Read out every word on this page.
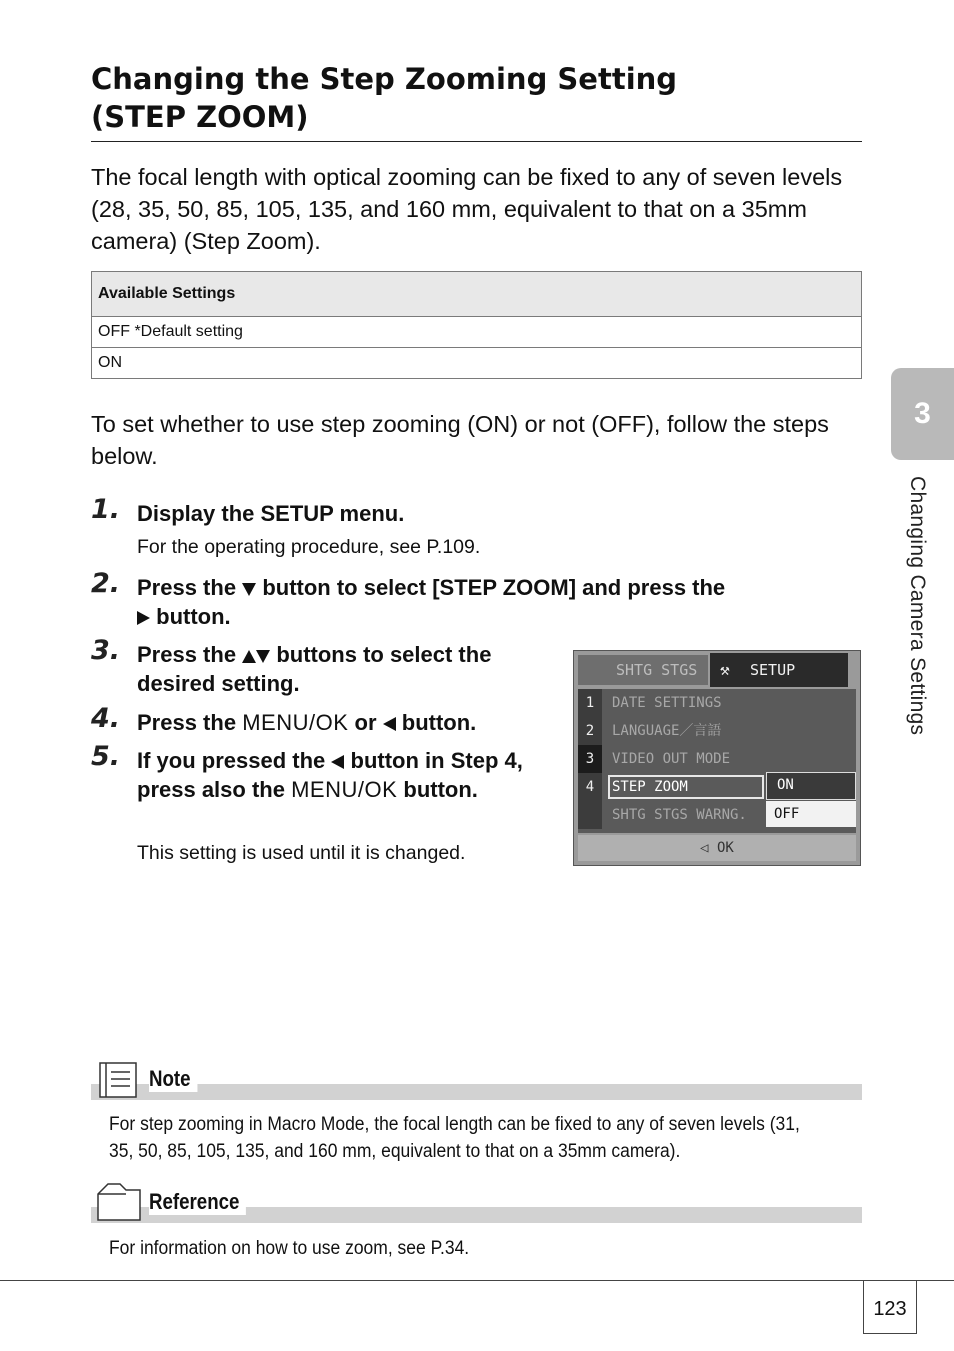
Changing the Step Zooming Setting
(STEP ZOOM)

The focal length with optical zooming can be fixed to any of seven levels (28, 35, 50, 85, 105, 135, and 160 mm, equivalent to that on a 35mm camera) (Step Zoom).

Available Settings
OFF *Default setting
ON

To set whether to use step zooming (ON) or not (OFF), follow the steps below.

1. Display the SETUP menu.

For the operating procedure, see P.109.

2. Press the button to select [STEP ZOOM] and press the
button.

3. Press the buttons to select the desired setting.

4. Press the MENU/OK or button.

5. If you pressed the button in Step 4, press also the MENU/OK button.

This setting is used until it is changed.

SHTG STGS	⚒ SETUP
1	DATE SETTINGS
2	LANGUAGE／言語
3	VIDEO OUT MODE
4	STEP ZOOM
SHTG STGS WARNG.
ON
OFF
◁ OK
3
Changing Camera Settings
Note

For step zooming in Macro Mode, the focal length can be fixed to any of seven levels (31, 35, 50, 85, 105, 135, and 160 mm, equivalent to that on a 35mm camera).

Reference

For information on how to use zoom, see P.34.

123
